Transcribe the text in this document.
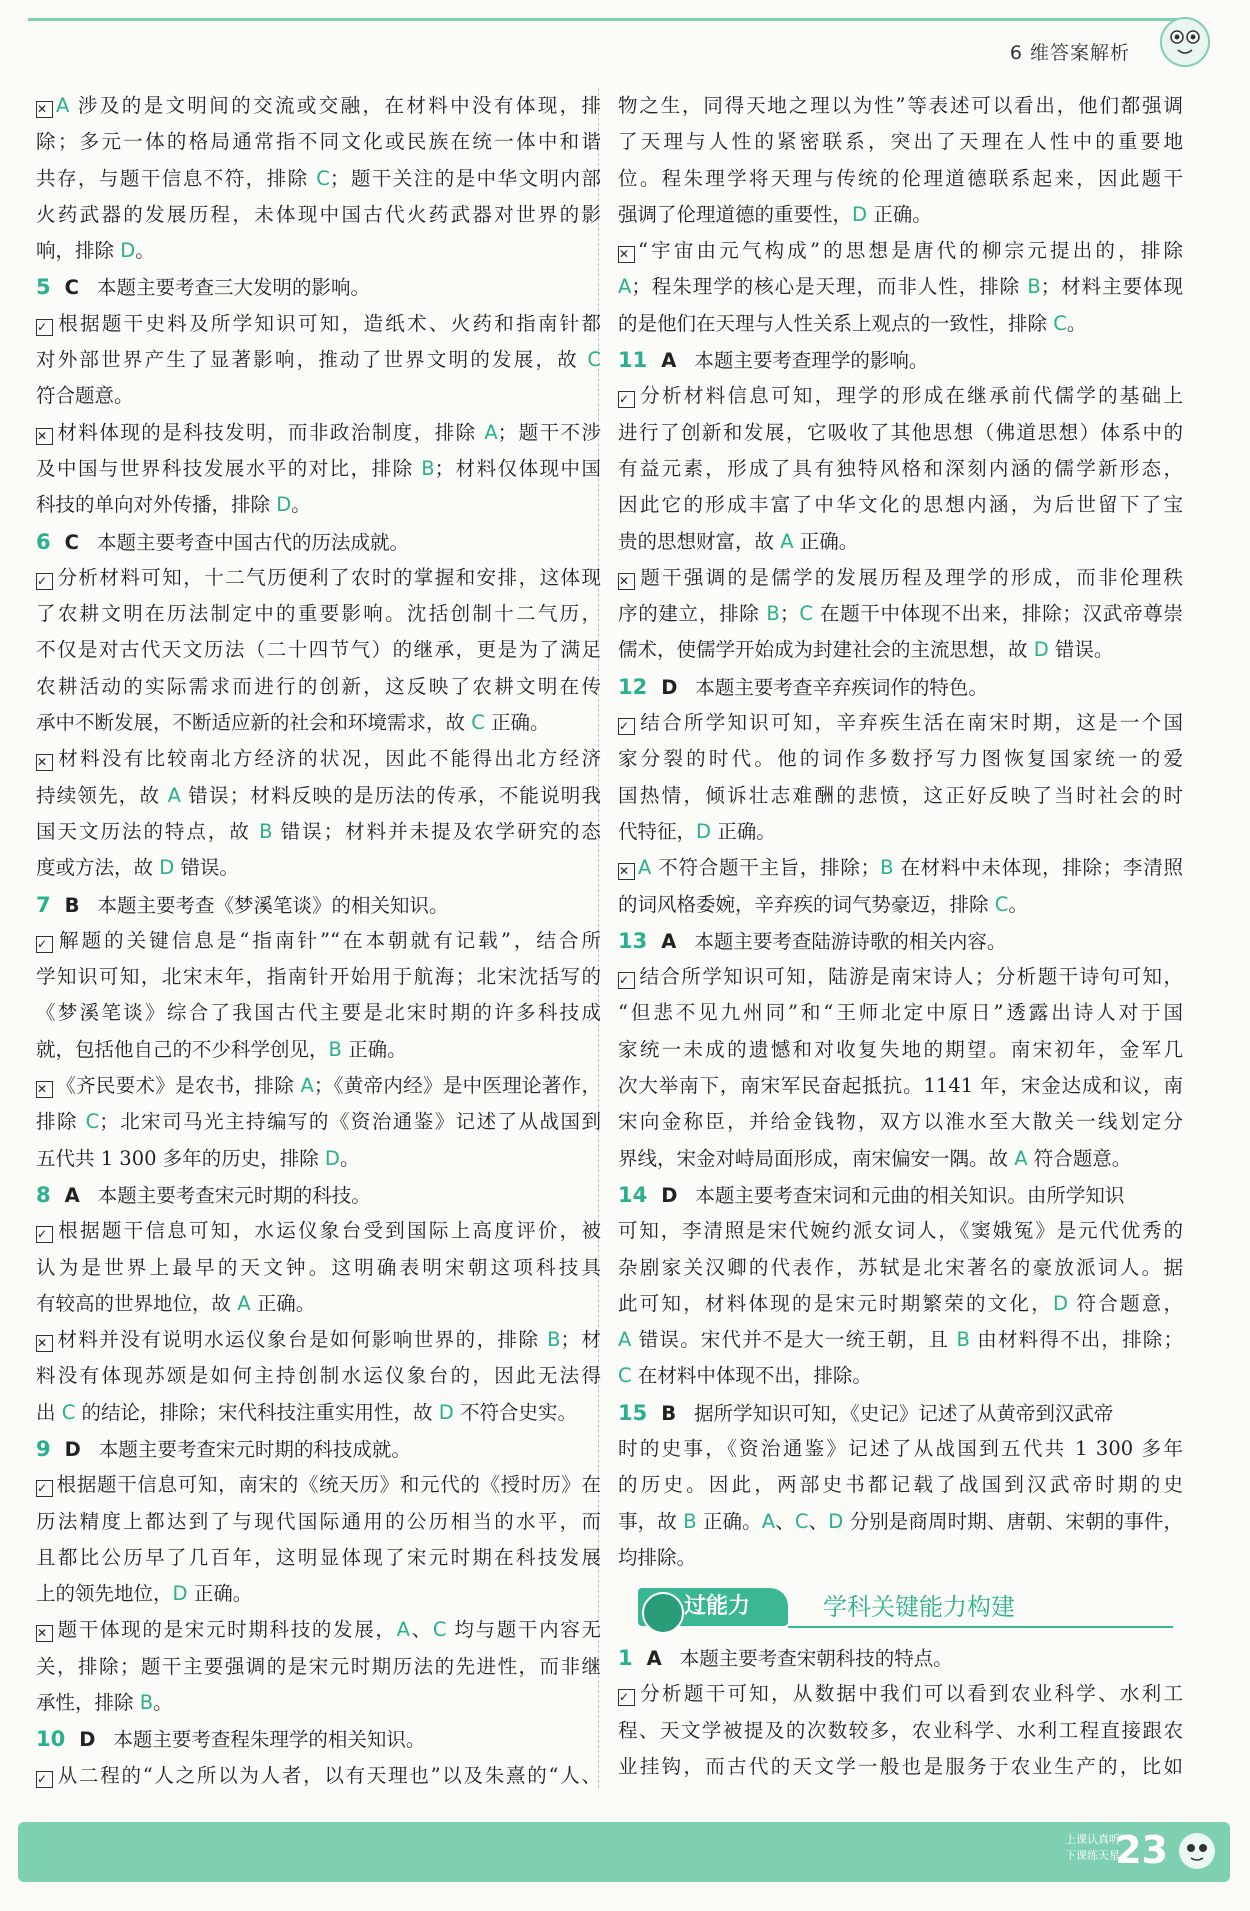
6 维答案解析
✕ A 涉及的是文明间的交流或交融，在材料中没有体现，排
除；多元一体的格局通常指不同文化或民族在统一体中和谐
共存，与题干信息不符，排除 C；题干关注的是中华文明内部
火药武器的发展历程，未体现中国古代火药武器对世界的影
响，排除 D。
5 C 本题主要考查三大发明的影响。
✓ 根据题干史料及所学知识可知，造纸术、火药和指南针都
对外部世界产生了显著影响，推动了世界文明的发展，故 C
符合题意。
✕ 材料体现的是科技发明，而非政治制度，排除 A；题干不涉
及中国与世界科技发展水平的对比，排除 B；材料仅体现中国
科技的单向对外传播，排除 D。
6 C 本题主要考查中国古代的历法成就。
✓ 分析材料可知，十二气历便利了农时的掌握和安排，这体现
了农耕文明在历法制定中的重要影响。沈括创制十二气历，
不仅是对古代天文历法（二十四节气）的继承，更是为了满足
农耕活动的实际需求而进行的创新，这反映了农耕文明在传
承中不断发展，不断适应新的社会和环境需求，故 C 正确。
✕ 材料没有比较南北方经济的状况，因此不能得出北方经济
持续领先，故 A 错误；材料反映的是历法的传承，不能说明我
国天文历法的特点，故 B 错误；材料并未提及农学研究的态
度或方法，故 D 错误。
7 B 本题主要考查《梦溪笔谈》的相关知识。
✓ 解题的关键信息是“指南针”“在本朝就有记载”，结合所
学知识可知，北宋末年，指南针开始用于航海；北宋沈括写的
《梦溪笔谈》综合了我国古代主要是北宋时期的许多科技成
就，包括他自己的不少科学创见，B 正确。
✕ 《齐民要术》是农书，排除 A；《黄帝内经》是中医理论著作，
排除 C；北宋司马光主持编写的《资治通鉴》记述了从战国到
五代共 1 300 多年的历史，排除 D。
8 A 本题主要考查宋元时期的科技。
✓ 根据题干信息可知，水运仪象台受到国际上高度评价，被
认为是世界上最早的天文钟。这明确表明宋朝这项科技具
有较高的世界地位，故 A 正确。
✕ 材料并没有说明水运仪象台是如何影响世界的，排除 B；材
料没有体现苏颂是如何主持创制水运仪象台的，因此无法得
出 C 的结论，排除；宋代科技注重实用性，故 D 不符合史实。
9 D 本题主要考查宋元时期的科技成就。
✓ 根据题干信息可知，南宋的《统天历》和元代的《授时历》在
历法精度上都达到了与现代国际通用的公历相当的水平，而
且都比公历早了几百年，这明显体现了宋元时期在科技发展
上的领先地位，D 正确。
✕ 题干体现的是宋元时期科技的发展，A、C 均与题干内容无
关，排除；题干主要强调的是宋元时期历法的先进性，而非继
承性，排除 B。
10 D 本题主要考查程朱理学的相关知识。
✓ 从二程的“人之所以为人者，以有天理也”以及朱熹的“人、
物之生，同得天地之理以为性”等表述可以看出，他们都强调
了天理与人性的紧密联系，突出了天理在人性中的重要地
位。程朱理学将天理与传统的伦理道德联系起来，因此题干
强调了伦理道德的重要性，D 正确。
✕ “宇宙由元气构成”的思想是唐代的柳宗元提出的，排除
A；程朱理学的核心是天理，而非人性，排除 B；材料主要体现
的是他们在天理与人性关系上观点的一致性，排除 C。
11 A 本题主要考查理学的影响。
✓ 分析材料信息可知，理学的形成在继承前代儒学的基础上
进行了创新和发展，它吸收了其他思想（佛道思想）体系中的
有益元素，形成了具有独特风格和深刻内涵的儒学新形态，
因此它的形成丰富了中华文化的思想内涵，为后世留下了宝
贵的思想财富，故 A 正确。
✕ 题干强调的是儒学的发展历程及理学的形成，而非伦理秩
序的建立，排除 B；C 在题干中体现不出来，排除；汉武帝尊崇
儒术，使儒学开始成为封建社会的主流思想，故 D 错误。
12 D 本题主要考查辛弃疾词作的特色。
✓ 结合所学知识可知，辛弃疾生活在南宋时期，这是一个国
家分裂的时代。他的词作多数抒写力图恢复国家统一的爱
国热情，倾诉壮志难酬的悲愤，这正好反映了当时社会的时
代特征，D 正确。
✕ A 不符合题干主旨，排除；B 在材料中未体现，排除；李清照
的词风格委婉，辛弃疾的词气势豪迈，排除 C。
13 A 本题主要考查陆游诗歌的相关内容。
✓ 结合所学知识可知，陆游是南宋诗人；分析题干诗句可知，
“但悲不见九州同”和“王师北定中原日”透露出诗人对于国
家统一未成的遗憾和对收复失地的期望。南宋初年，金军几
次大举南下，南宋军民奋起抵抗。1141 年，宋金达成和议，南
宋向金称臣，并给金钱物，双方以淮水至大散关一线划定分
界线，宋金对峙局面形成，南宋偏安一隅。故 A 符合题意。
14 D 本题主要考查宋词和元曲的相关知识。由所学知识
可知，李清照是宋代婉约派女词人，《窦娥冤》是元代优秀的
杂剧家关汉卿的代表作，苏轼是北宋著名的豪放派词人。据
此可知，材料体现的是宋元时期繁荣的文化，D 符合题意，
A 错误。宋代并不是大一统王朝，且 B 由材料得不出，排除；
C 在材料中体现不出，排除。
15 B 据所学知识可知，《史记》记述了从黄帝到汉武帝
时的史事，《资治通鉴》记述了从战国到五代共 1 300 多年
的历史。因此，两部史书都记载了战国到汉武帝时期的史
事，故 B 正确。A、C、D 分别是商周时期、唐朝、宋朝的事件，
均排除。
过能力	学科关键能力构建
1 A 本题主要考查宋朝科技的特点。
✓ 分析题干可知，从数据中我们可以看到农业科学、水利工
程、天文学被提及的次数较多，农业科学、水利工程直接跟农
业挂钩，而古代的天文学一般也是服务于农业生产的，比如
上课认真听
下课练天星
23
